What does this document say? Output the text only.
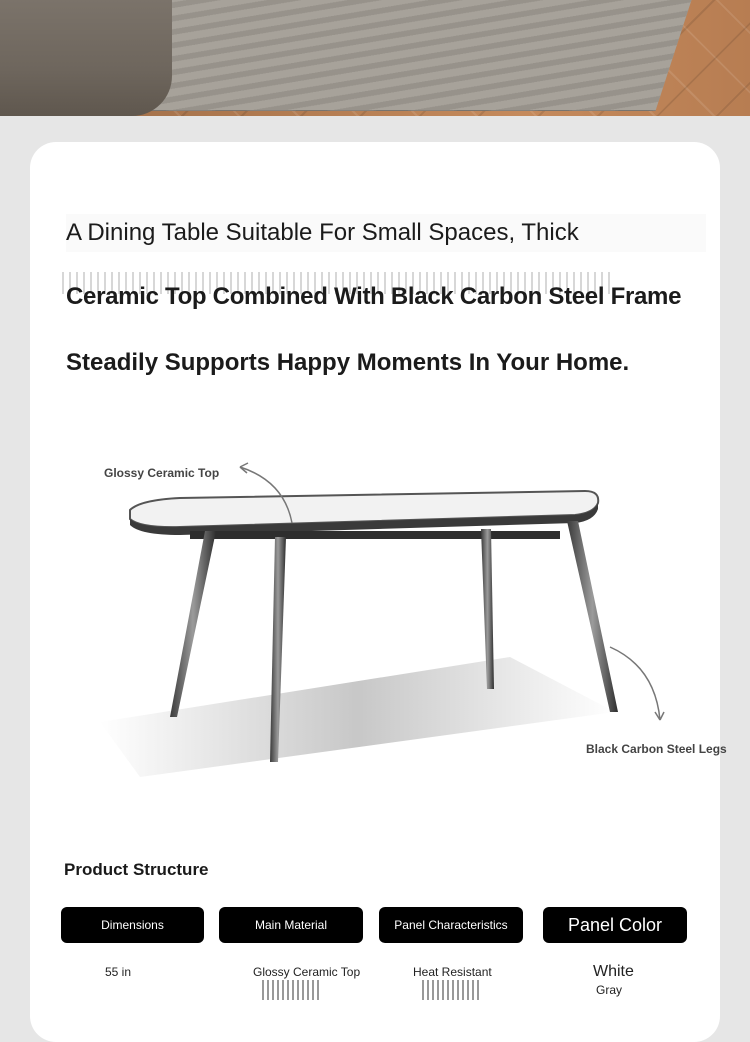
A Dining Table Suitable For Small Spaces, Thick
Ceramic Top Combined With Black Carbon Steel Frame
Steadily Supports Happy Moments In Your Home.
Glossy Ceramic Top
Black Carbon Steel Legs
Product Structure
Dimensions	Main Material	Panel Characteristics	Panel Color
55 in	Glossy Ceramic Top	Heat Resistant	White
Gray
